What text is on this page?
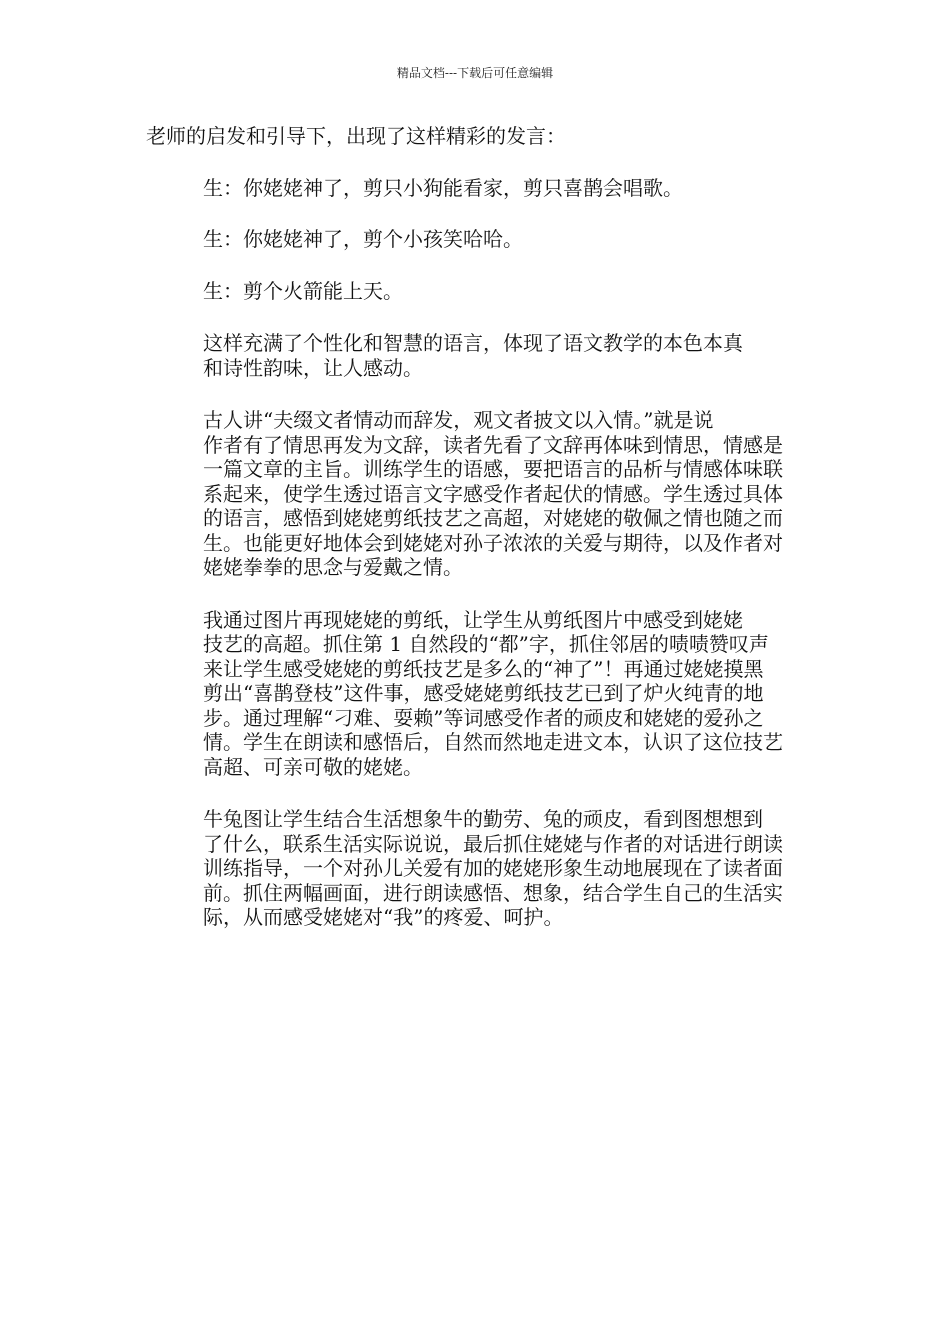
精品文档---下载后可任意编辑

老师的启发和引导下，出现了这样精彩的发言：

生：你姥姥神了，剪只小狗能看家，剪只喜鹊会唱歌。

生：你姥姥神了，剪个小孩笑哈哈。

生：剪个火箭能上天。

这样充满了个性化和智慧的语言，体现了语文教学的本色本真
和诗性韵味，让人感动。

古人讲“夫缀文者情动而辞发，观文者披文以入情。”就是说
作者有了情思再发为文辞，读者先看了文辞再体味到情思，情感是
一篇文章的主旨。训练学生的语感，要把语言的品析与情感体味联
系起来，使学生透过语言文字感受作者起伏的情感。学生透过具体
的语言，感悟到姥姥剪纸技艺之高超，对姥姥的敬佩之情也随之而
生。也能更好地体会到姥姥对孙子浓浓的关爱与期待，以及作者对
姥姥拳拳的思念与爱戴之情。

我通过图片再现姥姥的剪纸，让学生从剪纸图片中感受到姥姥
技艺的高超。抓住第 1 自然段的“都”字，抓住邻居的啧啧赞叹声
来让学生感受姥姥的剪纸技艺是多么的“神了”！再通过姥姥摸黑
剪出“喜鹊登枝”这件事，感受姥姥剪纸技艺已到了炉火纯青的地
步。通过理解“刁难、耍赖”等词感受作者的顽皮和姥姥的爱孙之
情。学生在朗读和感悟后，自然而然地走进文本，认识了这位技艺
高超、可亲可敬的姥姥。

牛兔图让学生结合生活想象牛的勤劳、兔的顽皮，看到图想想到
了什么，联系生活实际说说，最后抓住姥姥与作者的对话进行朗读
训练指导，一个对孙儿关爱有加的姥姥形象生动地展现在了读者面
前。抓住两幅画面，进行朗读感悟、想象，结合学生自己的生活实
际，从而感受姥姥对“我”的疼爱、呵护。
